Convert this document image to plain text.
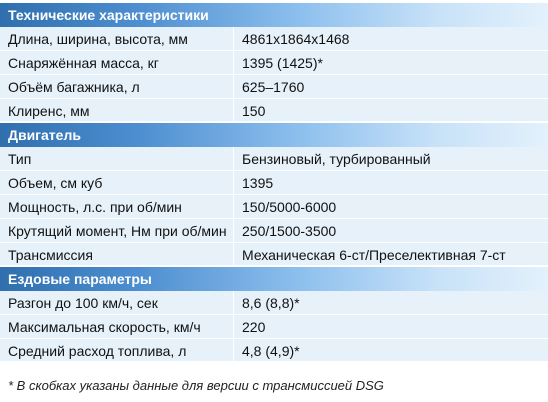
Технические характеристики
Длина, ширина, высота, мм	4861х1864х1468
Снаряжённая масса, кг	1395 (1425)*
Объём багажника, л	625–1760
Клиренс, мм	150
Двигатель
Тип	Бензиновый, турбированный
Объем, см куб	1395
Мощность, л.с. при об/мин	150/5000-6000
Крутящий момент, Нм при об/мин	250/1500-3500
Трансмиссия	Механическая 6-ст/Преселективная 7-ст
Ездовые параметры
Разгон до 100 км/ч, сек	8,6 (8,8)*
Максимальная скорость, км/ч	220
Средний расход топлива, л	4,8 (4,9)*
* В скобках указаны данные для версии с трансмиссией DSG
